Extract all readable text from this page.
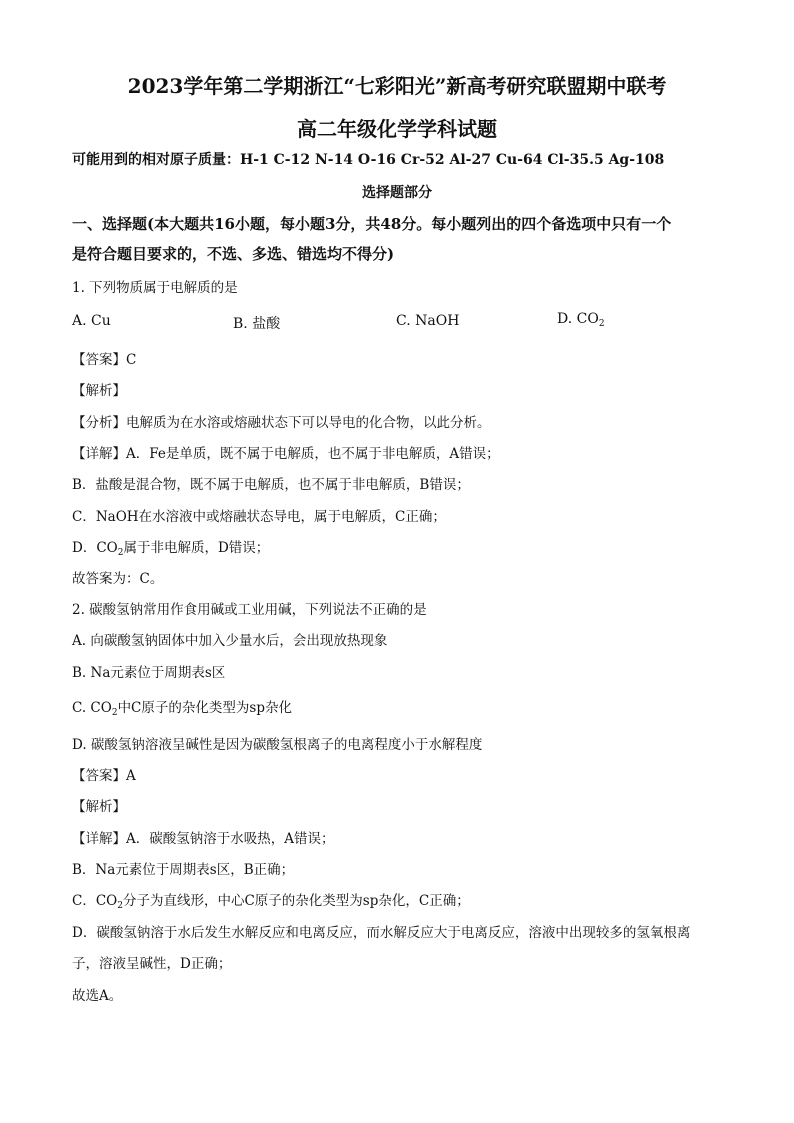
2023学年第二学期浙江“七彩阳光”新高考研究联盟期中联考
高二年级化学学科试题
可能用到的相对原子质量：H-1 C-12 N-14 O-16 Cr-52 Al-27 Cu-64 Cl-35.5 Ag-108
选择题部分
一、选择题(本大题共16小题，每小题3分，共48分。每小题列出的四个备选项中只有一个
是符合题目要求的，不选、多选、错选均不得分)
1. 下列物质属于电解质的是
A. Cu	B. 盐酸	C. NaOH	D. $CO_2$
【答案】C
【解析】
【分析】电解质为在水溶或熔融状态下可以导电的化合物，以此分析。
【详解】A．Fe是单质，既不属于电解质，也不属于非电解质，A错误；
B．盐酸是混合物，既不属于电解质，也不属于非电解质，B错误；
C．NaOH在水溶液中或熔融状态导电，属于电解质，C正确；
D．$CO_2$属于非电解质，D错误；
故答案为：C。
2. 碳酸氢钠常用作食用碱或工业用碱，下列说法不正确的是
A. 向碳酸氢钠固体中加入少量水后，会出现放热现象
B. Na元素位于周期表s区
C. $CO_2$中C原子的杂化类型为sp杂化
D. 碳酸氢钠溶液呈碱性是因为碳酸氢根离子的电离程度小于水解程度
【答案】A
【解析】
【详解】A．碳酸氢钠溶于水吸热，A错误；
B．Na元素位于周期表s区，B正确；
C．$CO_2$分子为直线形，中心C原子的杂化类型为sp杂化，C正确；
D．碳酸氢钠溶于水后发生水解反应和电离反应，而水解反应大于电离反应，溶液中出现较多的氢氧根离
子，溶液呈碱性，D正确；
故选A。
